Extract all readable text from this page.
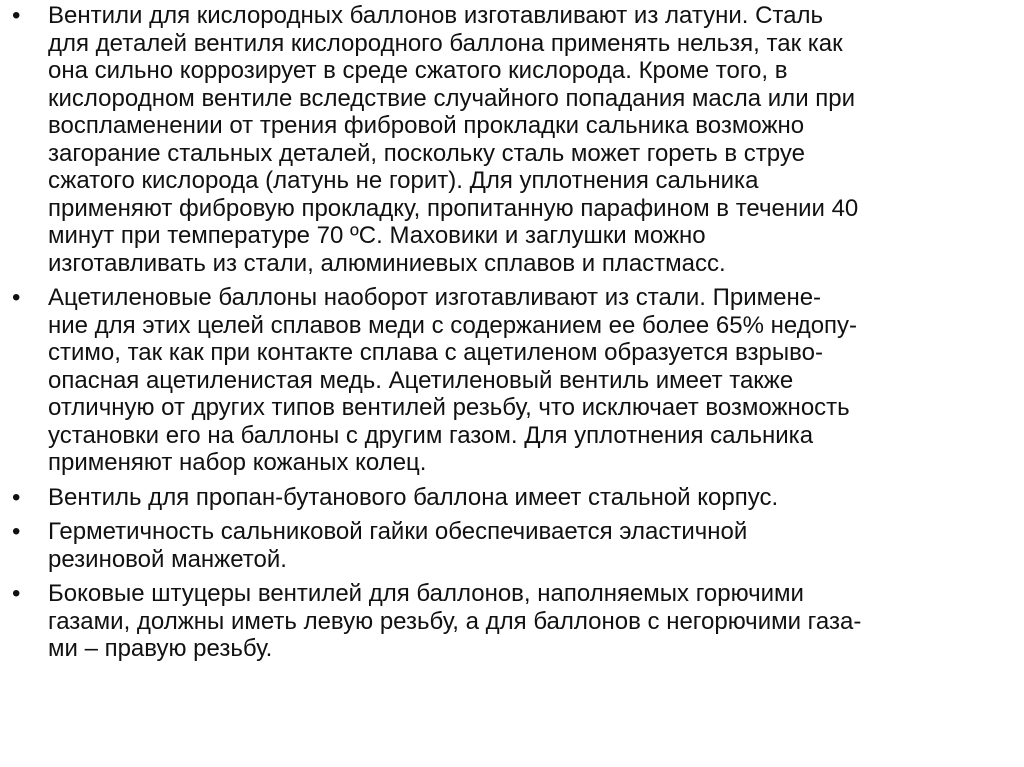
•	Вентили для кислородных баллонов изготавливают из латуни. Сталь
для деталей вентиля кислородного баллона применять нельзя, так как
она сильно коррозирует в среде сжатого кислорода. Кроме того, в
кислородном вентиле вследствие случайного попадания масла или при
воспламенении от трения фибровой прокладки сальника возможно
загорание стальных деталей, поскольку сталь может гореть в струе
сжатого кислорода (латунь не горит). Для уплотнения сальника
применяют фибровую прокладку, пропитанную парафином в течении 40
минут при температуре 70 ºС. Маховики и заглушки можно
изготавливать из стали, алюминиевых сплавов и пластмасс.
•	Ацетиленовые баллоны наоборот изготавливают из стали. Примене-
ние для этих целей сплавов меди с содержанием ее более 65% недопу-
стимо, так как при контакте сплава с ацетиленом образуется взрыво-
опасная ацетиленистая медь. Ацетиленовый вентиль имеет также
отличную от других типов вентилей резьбу, что исключает возможность
установки его на баллоны с другим газом. Для уплотнения сальника
применяют набор кожаных колец.
•	Вентиль для пропан-бутанового баллона имеет стальной корпус.
•	Герметичность сальниковой гайки обеспечивается эластичной
резиновой манжетой.
•	Боковые штуцеры вентилей для баллонов, наполняемых горючими
газами, должны иметь левую резьбу, а для баллонов с негорючими газа-
ми – правую резьбу.
